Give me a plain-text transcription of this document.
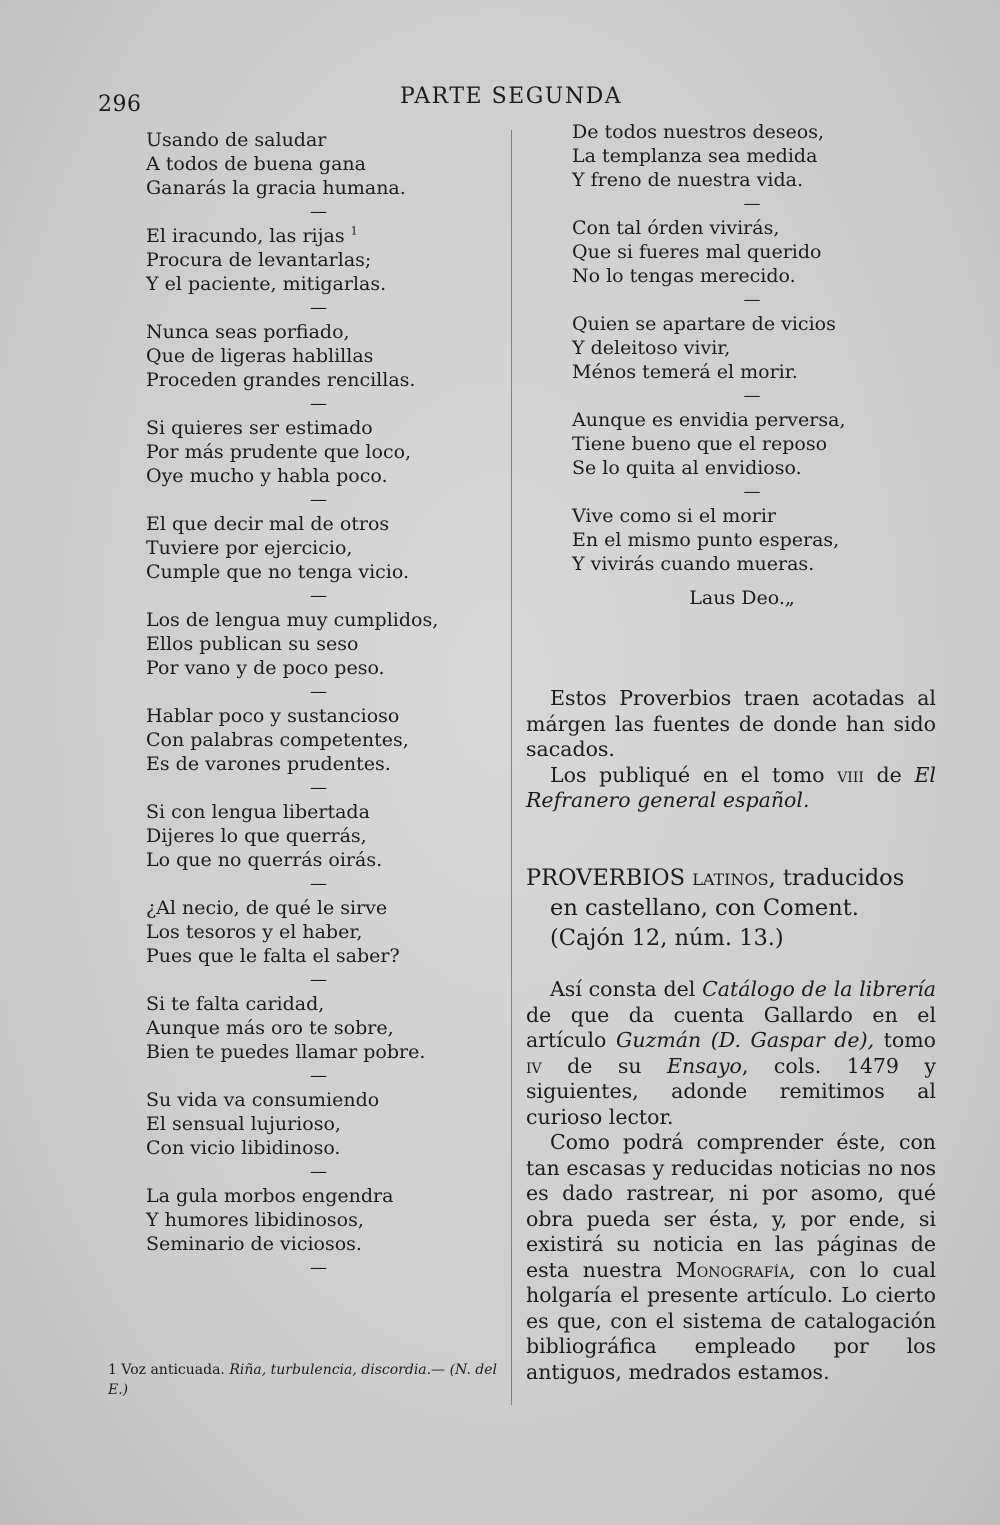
296	PARTE SEGUNDA
Usando de saludar
A todos de buena gana
Ganarás la gracia humana.
—
El iracundo, las rijas $^1$
Procura de levantarlas;
Y el paciente, mitigarlas.
—
Nunca seas porfiado,
Que de ligeras hablillas
Proceden grandes rencillas.
—
Si quieres ser estimado
Por más prudente que loco,
Oye mucho y habla poco.
—
El que decir mal de otros
Tuviere por ejercicio,
Cumple que no tenga vicio.
—
Los de lengua muy cumplidos,
Ellos publican su seso
Por vano y de poco peso.
—
Hablar poco y sustancioso
Con palabras competentes,
Es de varones prudentes.
—
Si con lengua libertada
Dijeres lo que querrás,
Lo que no querrás oirás.
—
¿Al necio, de qué le sirve
Los tesoros y el haber,
Pues que le falta el saber?
—
Si te falta caridad,
Aunque más oro te sobre,
Bien te puedes llamar pobre.
—
Su vida va consumiendo
El sensual lujurioso,
Con vicio libidinoso.
—
La gula morbos engendra
Y humores libidinosos,
Seminario de viciosos.
—
1 Voz anticuada. Riña, turbulencia, discordia.— (N. del E.)
De todos nuestros deseos,
La templanza sea medida
Y freno de nuestra vida.
—
Con tal órden vivirás,
Que si fueres mal querido
No lo tengas merecido.
—
Quien se apartare de vicios
Y deleitoso vivir,
Ménos temerá el morir.
—
Aunque es envidia perversa,
Tiene bueno que el reposo
Se lo quita al envidioso.
—
Vive como si el morir
En el mismo punto esperas,
Y vivirás cuando mueras.
Laus Deo.„

Estos Proverbios traen acotadas al márgen las fuentes de donde han sido sacados.

Los publiqué en el tomo viii de El Refranero general español.

PROVERBIOS latinos, traducidos
en castellano, con Coment. (Cajón 12, núm. 13.)

Así consta del Catálogo de la librería de que da cuenta Gallardo en el artículo Guzmán (D. Gaspar de), tomo iv de su Ensayo, cols. 1479 y siguientes, adonde remitimos al curioso lector.

Como podrá comprender éste, con tan escasas y reducidas noticias no nos es dado rastrear, ni por asomo, qué obra pueda ser ésta, y, por ende, si existirá su noticia en las páginas de esta nuestra Monografía, con lo cual holgaría el presente artículo. Lo cierto es que, con el sistema de catalogación bibliográfica empleado por los antiguos, medrados estamos.
